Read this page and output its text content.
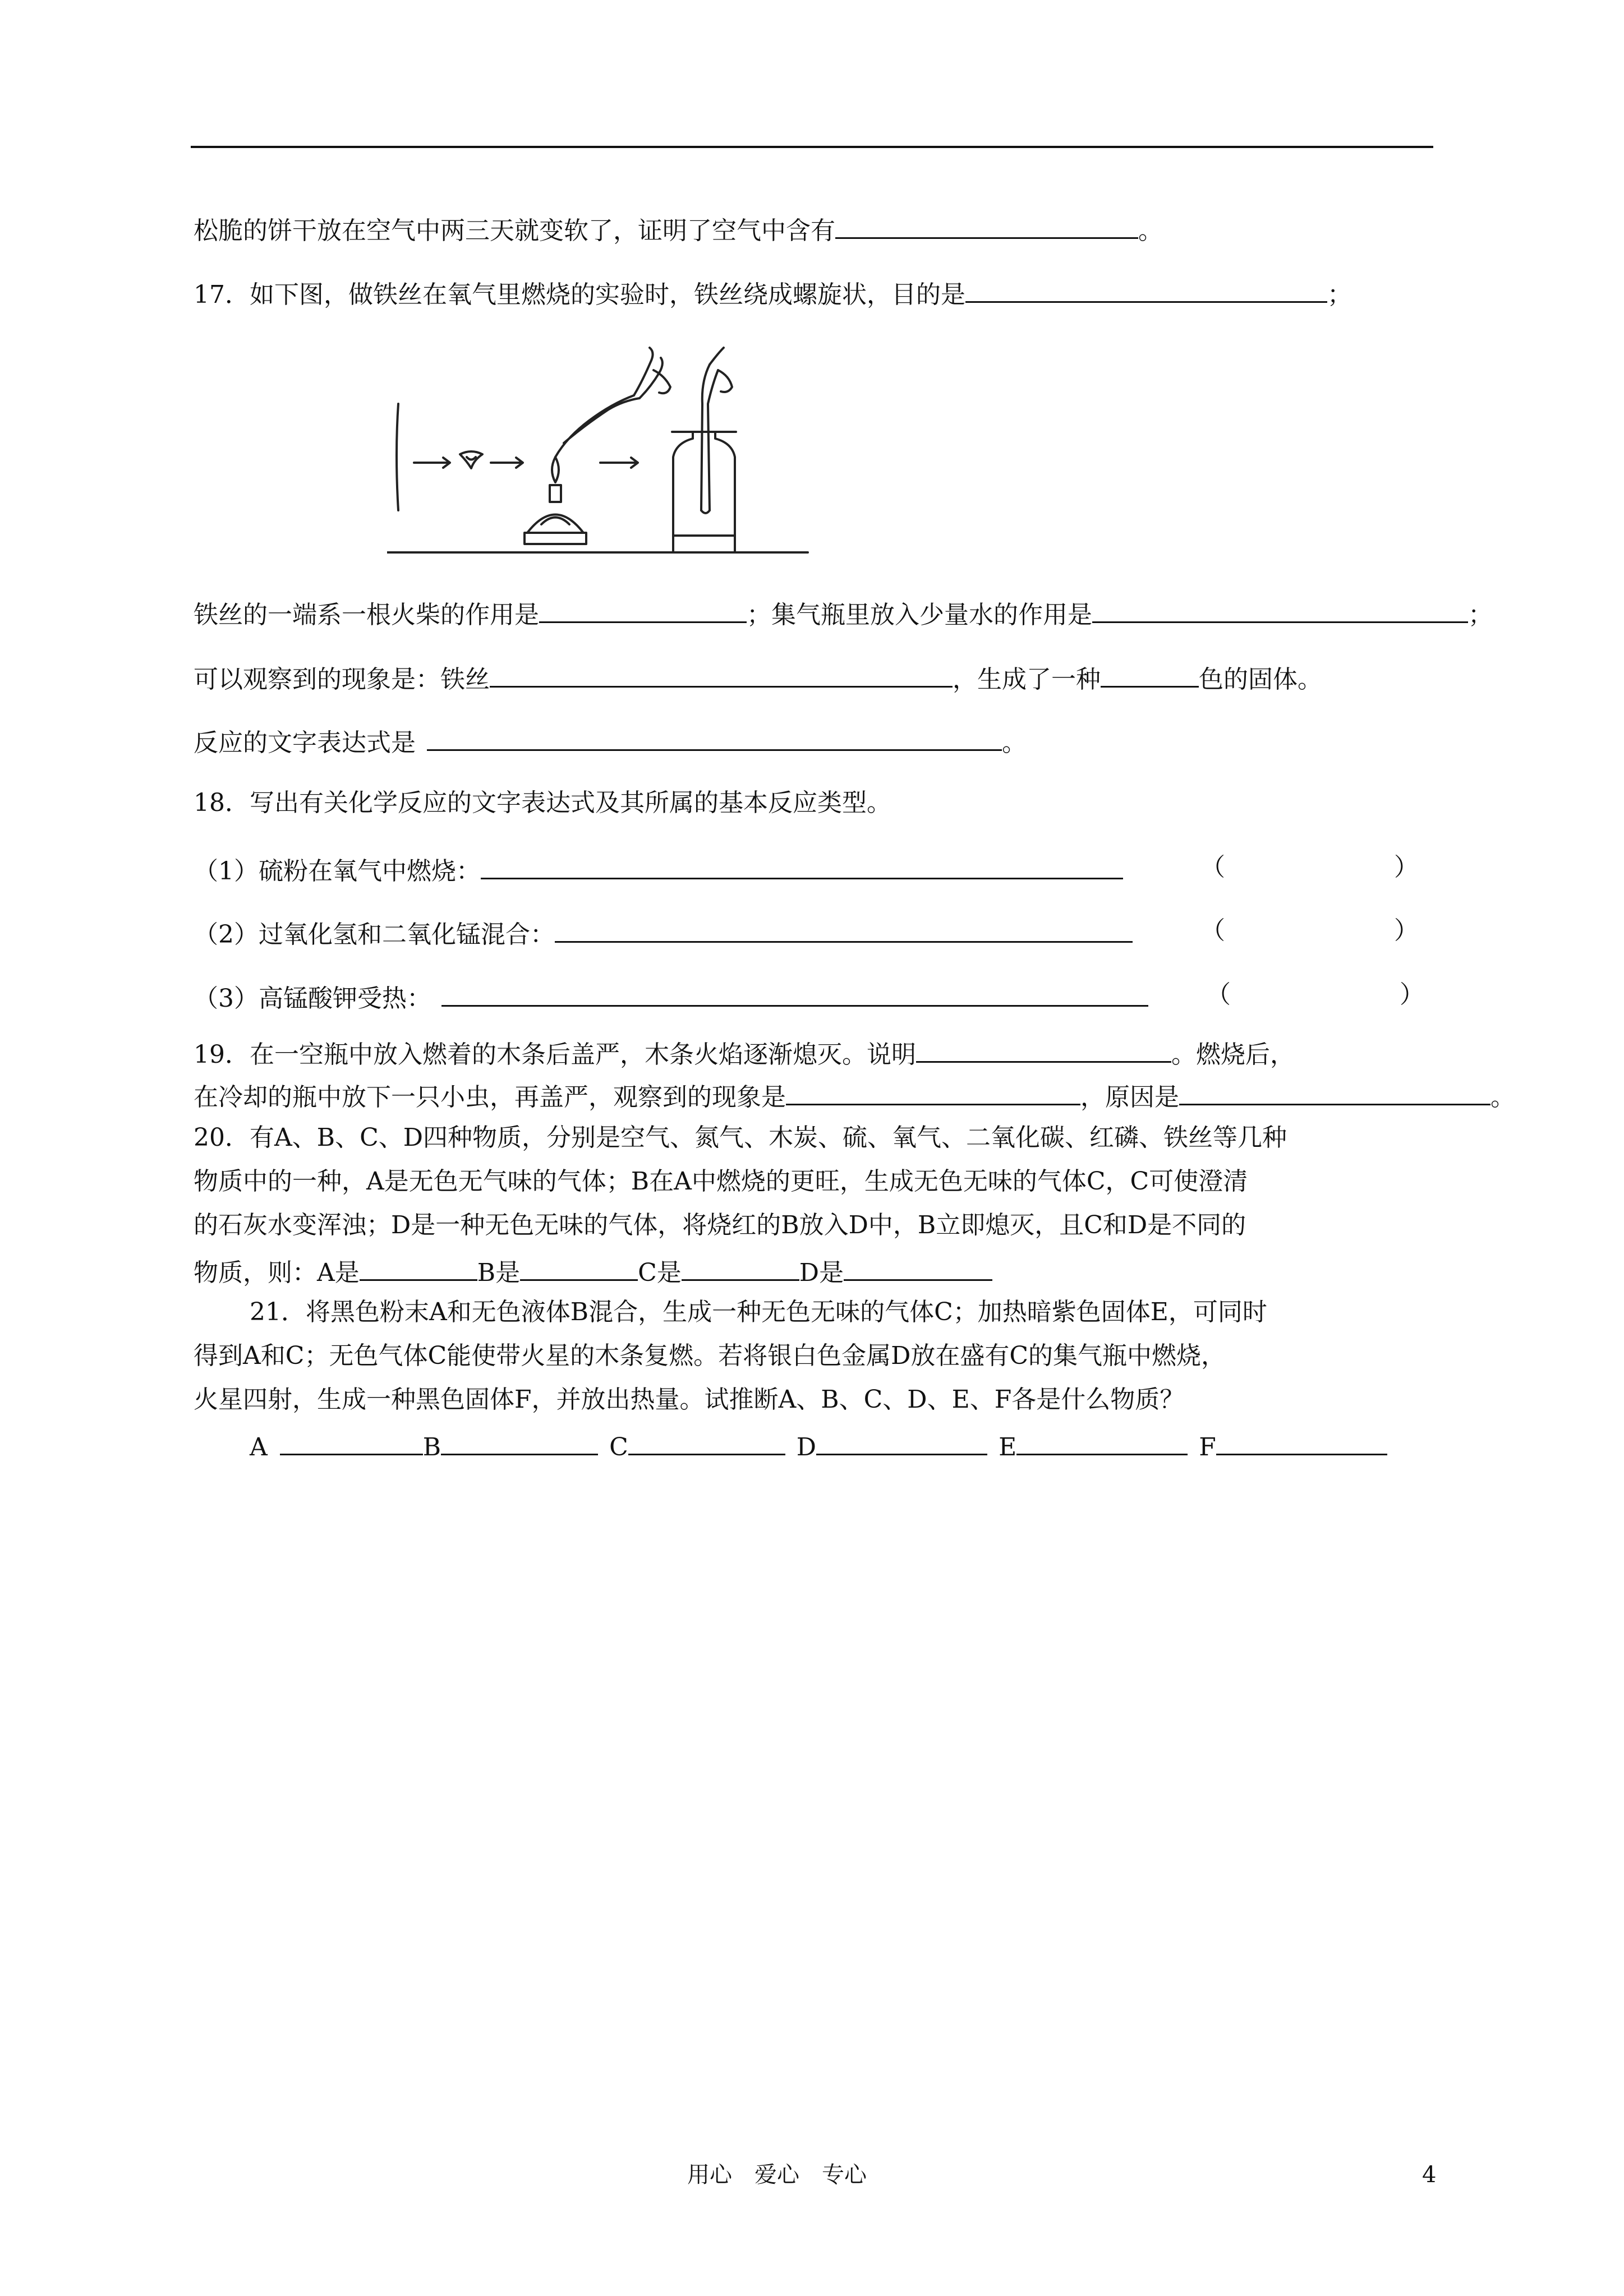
松脆的饼干放在空气中两三天就变软了，证明了空气中含有	。
17．如下图，做铁丝在氧气里燃烧的实验时，铁丝绕成螺旋状，目的是	；
铁丝的一端系一根火柴的作用是	；集气瓶里放入少量水的作用是	；
可以观察到的现象是：铁丝	，生成了一种	色的固体。
反应的文字表达式是	。
18．写出有关化学反应的文字表达式及其所属的基本反应类型。
（1）硫粉在氧气中燃烧：	（	）
（2）过氧化氢和二氧化锰混合：	（	）
（3）高锰酸钾受热：	（	）
19．在一空瓶中放入燃着的木条后盖严，木条火焰逐渐熄灭。说明	。燃烧后，
在冷却的瓶中放下一只小虫，再盖严，观察到的现象是	，原因是	。
20．有A、B、C、D四种物质，分别是空气、氮气、木炭、硫、氧气、二氧化碳、红磷、铁丝等几种
物质中的一种，A是无色无气味的气体；B在A中燃烧的更旺，生成无色无味的气体C，C可使澄清
的石灰水变浑浊；D是一种无色无味的气体，将烧红的B放入D中，B立即熄灭，且C和D是不同的
物质，则：A是	B是	C是	D是
21．将黑色粉末A和无色液体B混合，生成一种无色无味的气体C；加热暗紫色固体E，可同时
得到A和C；无色气体C能使带火星的木条复燃。若将银白色金属D放在盛有C的集气瓶中燃烧，
火星四射，生成一种黑色固体F，并放出热量。试推断A、B、C、D、E、F各是什么物质？
A	B	C	D	E	F
用心　爱心　专心	4
